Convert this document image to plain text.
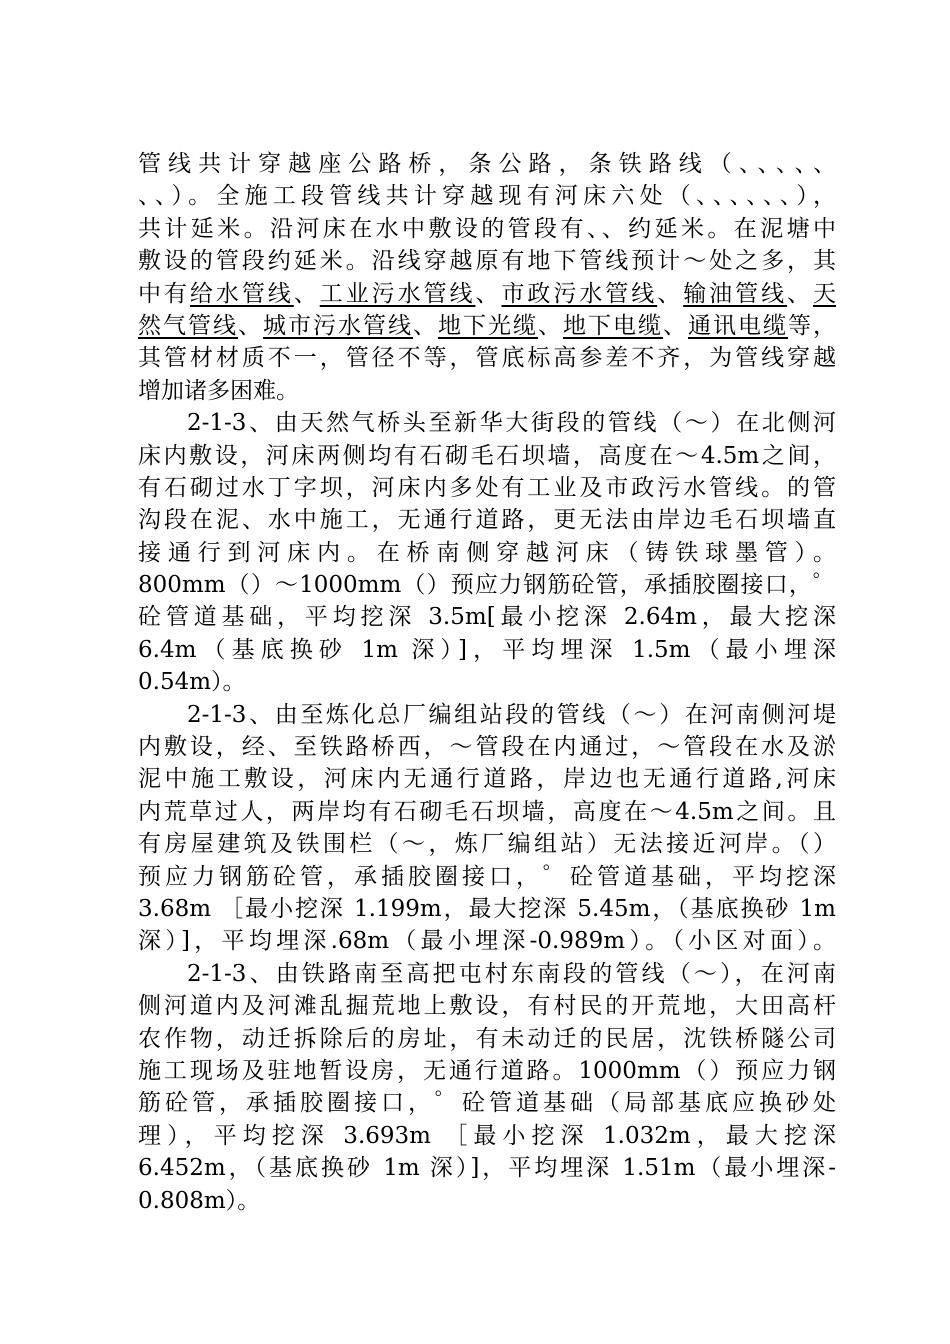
管线共计穿越座公路桥，条公路，条铁路线（、、、、、
、、）。全施工段管线共计穿越现有河床六处（、、、、、、），
共计延米。沿河床在水中敷设的管段有、、约延米。在泥塘中
敷设的管段约延米。沿线穿越原有地下管线预计～处之多，其
中有给水管线、工业污水管线、市政污水管线、输油管线、天
然气管线、城市污水管线、地下光缆、地下电缆、通讯电缆等，
其管材材质不一，管径不等，管底标高参差不齐，为管线穿越
增加诸多困难。
2-1-3、由天然气桥头至新华大街段的管线（～）在北侧河
床内敷设，河床两侧均有石砌毛石坝墙，高度在～4.5m之间，
有石砌过水丁字坝，河床内多处有工业及市政污水管线。的管
沟段在泥、水中施工，无通行道路，更无法由岸边毛石坝墙直
接通行到河床内。在桥南侧穿越河床（铸铁球墨管）。
800mm（）～1000mm（）预应力钢筋砼管，承插胶圈接口，゜
砼管道基础，平均挖深 3.5m[最小挖深 2.64m，最大挖深
6.4m（基底换砂 1m 深）]，平均埋深 1.5m（最小埋深
0.54m）。
2-1-3、由至炼化总厂编组站段的管线（～）在河南侧河堤
内敷设，经、至铁路桥西，～管段在内通过，～管段在水及淤
泥中施工敷设，河床内无通行道路，岸边也无通行道路,河床
内荒草过人，两岸均有石砌毛石坝墙，高度在～4.5m之间。且
有房屋建筑及铁围栏（～，炼厂编组站）无法接近河岸。（）
预应力钢筋砼管，承插胶圈接口，゜砼管道基础，平均挖深
3.68m ［最小挖深 1.199m，最大挖深 5.45m，（基底换砂 1m
深）]，平均埋深.68m（最小埋深-0.989m）。（小区对面）。
2-1-3、由铁路南至高把屯村东南段的管线（～），在河南
侧河道内及河滩乱掘荒地上敷设，有村民的开荒地，大田高杆
农作物，动迁拆除后的房址，有未动迁的民居，沈铁桥隧公司
施工现场及驻地暂设房，无通行道路。1000mm（）预应力钢
筋砼管，承插胶圈接口，゜砼管道基础（局部基底应换砂处
理），平均挖深 3.693m ［最小挖深 1.032m，最大挖深
6.452m，（基底换砂 1m 深）]，平均埋深 1.51m（最小埋深-
0.808m）。
